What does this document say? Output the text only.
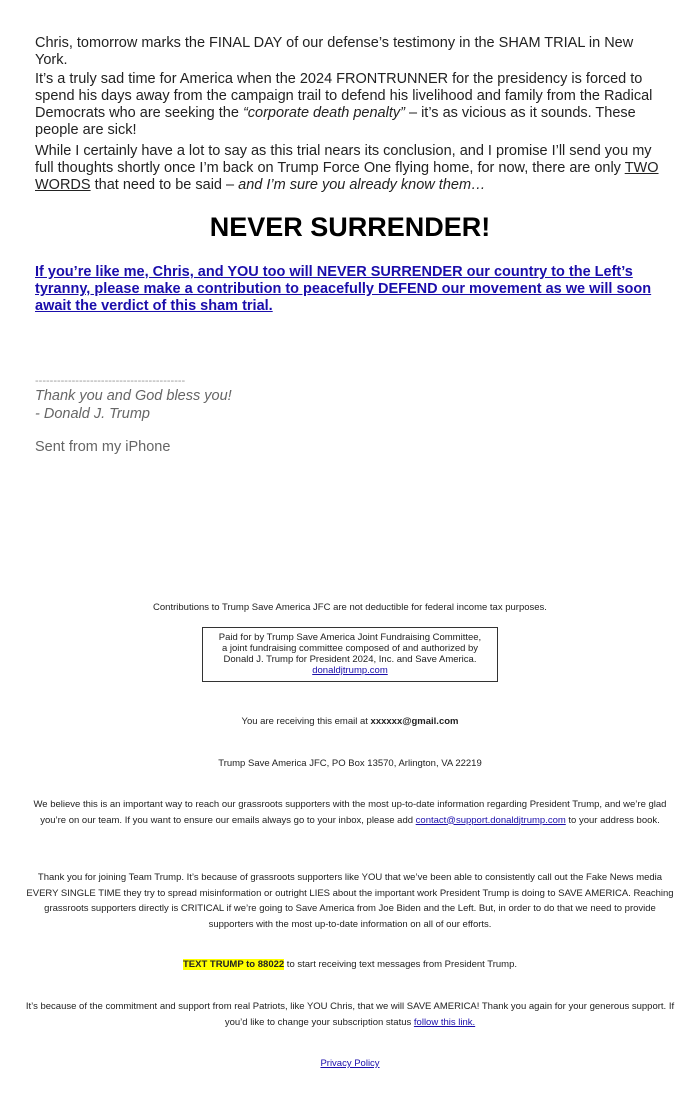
Chris, tomorrow marks the FINAL DAY of our defense’s testimony in the SHAM TRIAL in New York.

It’s a truly sad time for America when the 2024 FRONTRUNNER for the presidency is forced to spend his days away from the campaign trail to defend his livelihood and family from the Radical Democrats who are seeking the “corporate death penalty” – it’s as vicious as it sounds. These people are sick!

While I certainly have a lot to say as this trial nears its conclusion, and I promise I’ll send you my full thoughts shortly once I’m back on Trump Force One flying home, for now, there are only TWO WORDS that need to be said – and I’m sure you already know them…

NEVER SURRENDER!
If you’re like me, Chris, and YOU too will NEVER SURRENDER our country to the Left’s tyranny, please make a contribution to peacefully DEFEND our movement as we will soon await the verdict of this sham trial.
-----------------------------------------
Thank you and God bless you!
- Donald J. Trump
Sent from my iPhone
Contributions to Trump Save America JFC are not deductible for federal income tax purposes.
Paid for by Trump Save America Joint Fundraising Committee,
a joint fundraising committee composed of and authorized by
Donald J. Trump for President 2024, Inc. and Save America.
donaldjtrump.com
You are receiving this email at xxxxxx@gmail.com
Trump Save America JFC, PO Box 13570, Arlington, VA 22219
We believe this is an important way to reach our grassroots supporters with the most up-to-date information regarding President Trump, and we’re glad you’re on our team. If you want to ensure our emails always go to your inbox, please add contact@support.donaldjtrump.com to your address book.
Thank you for joining Team Trump. It’s because of grassroots supporters like YOU that we’ve been able to consistently call out the Fake News media EVERY SINGLE TIME they try to spread misinformation or outright LIES about the important work President Trump is doing to SAVE AMERICA. Reaching grassroots supporters directly is CRITICAL if we’re going to Save America from Joe Biden and the Left. But, in order to do that we need to provide supporters with the most up-to-date information on all of our efforts.
TEXT TRUMP to 88022 to start receiving text messages from President Trump.
It’s because of the commitment and support from real Patriots, like YOU Chris, that we will SAVE AMERICA! Thank you again for your generous support. If you’d like to change your subscription status follow this link.
Privacy Policy
